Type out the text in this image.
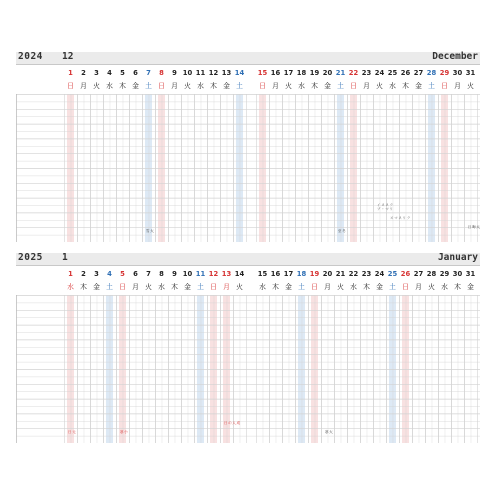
2024 12	December
1	2	3	4	5	6	7	8	9 10 11 12 13 14 15 16 17 18 19 20 21 22 23 24 25 26 27 28 29 30 31
日 月 火 水 木 金 土 日 月 火 水 木 金 土	日 月 火 水 木 金 土 日 月 火 水 木 金 土 日 月 火
大雪	冬至
クリスマス・イブ
クリスマス
大晦日
2025 1	January
1	2	3	4	5	6	7	8	9 10 11 12 13 14 15 16 17 18 19 20 21 22 23 24 25 26 27 28 29 30 31
水 木 金 土 日 月 火 水 木 金 土 日 月 火	水 木 金 土 日 月 火 水 木 金 土 日 月 火 水 木 金
元日	小寒
成人の日
大寒
